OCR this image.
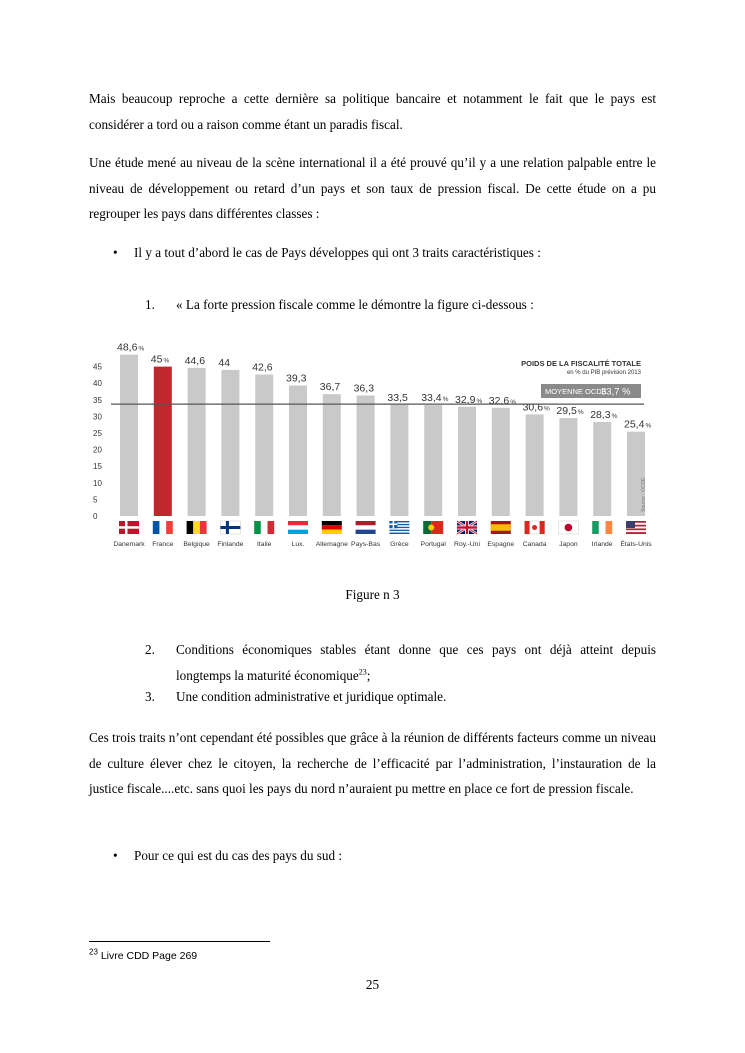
Mais beaucoup reproche a cette dernière sa politique bancaire et notamment le fait que le pays est considérer a tord ou a raison comme étant un paradis fiscal.

Une étude mené au niveau de la scène international il a été prouvé qu’il y a une relation palpable entre le niveau de développement ou retard d’un pays et son taux de pression fiscal. De cette étude on a pu regrouper les pays dans différentes classes :

• Il y a tout d’abord le cas de Pays développes qui ont 3 traits caractéristiques :
1. « La forte pression fiscale comme le démontre la figure ci-dessous :
45
40
35
30
25
20
15
10
5
0
48,6%
45% 44,6 44 42,6
39,3
36,7 36,3
33,5 33,4% 32,9% 32,6% 30,6% 29,5% 28,3%
25,4%
POIDS DE LA FISCALITÉ TOTALE
en % du PIB prévision 2013
MOYENNE OCDE
33,7 %
Source : OCDE
Danemark France Belgique Finlande Italie	Lux. Allemagne Pays-Bas Grèce Portugal Roy.-Uni Espagne Canada Japon Irlande États-Unis

Figure n 3

2. Conditions économiques stables étant donne que ces pays ont déjà atteint depuis longtemps la maturité économique$^{23}$;
3. Une condition administrative et juridique optimale.

Ces trois traits n’ont cependant été possibles que grâce à la réunion de différents facteurs comme un niveau de culture élever chez le citoyen, la recherche de l’efficacité par l’administration, l’instauration de la justice fiscale....etc. sans quoi les pays du nord n’auraient pu mettre en place ce fort de pression fiscale.

• Pour ce qui est du cas des pays du sud :
$^{23}$ Livre CDD Page 269
25
